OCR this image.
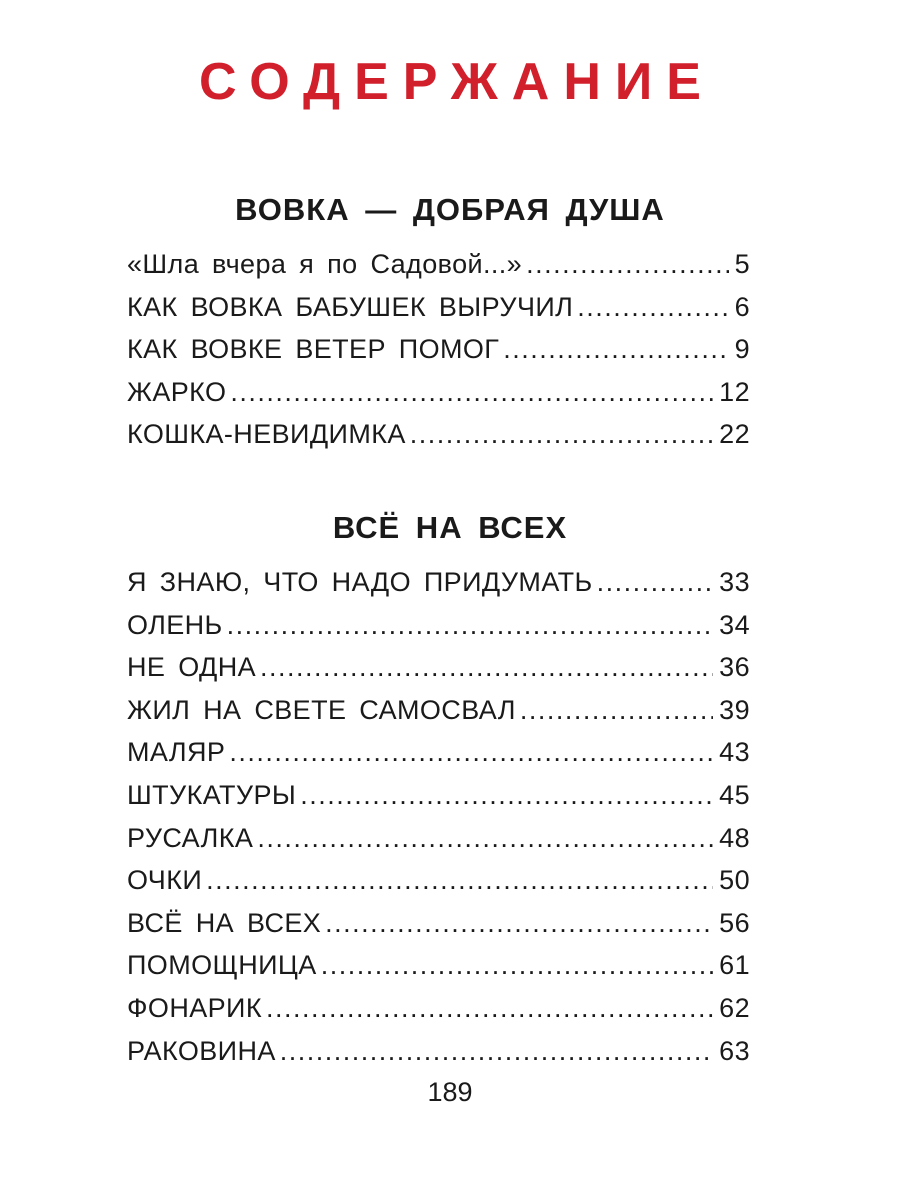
СОДЕРЖАНИЕ
ВОВКА — ДОБРАЯ ДУША
«Шла вчера я по Садовой...» .....	5
КАК ВОВКА БАБУШЕК ВЫРУЧИЛ .....	6
КАК ВОВКЕ ВЕТЕР ПОМОГ .....	9
ЖАРКО .....	12
КОШКА-НЕВИДИМКА .....	22
ВСЁ НА ВСЕХ
Я ЗНАЮ, ЧТО НАДО ПРИДУМАТЬ .....	33
ОЛЕНЬ .....	34
НЕ ОДНА .....	36
ЖИЛ НА СВЕТЕ САМОСВАЛ .....	39
МАЛЯР .....	43
ШТУКАТУРЫ .....	45
РУСАЛКА .....	48
ОЧКИ .....	50
ВСЁ НА ВСЕХ .....	56
ПОМОЩНИЦА .....	61
ФОНАРИК .....	62
РАКОВИНА .....	63
189
